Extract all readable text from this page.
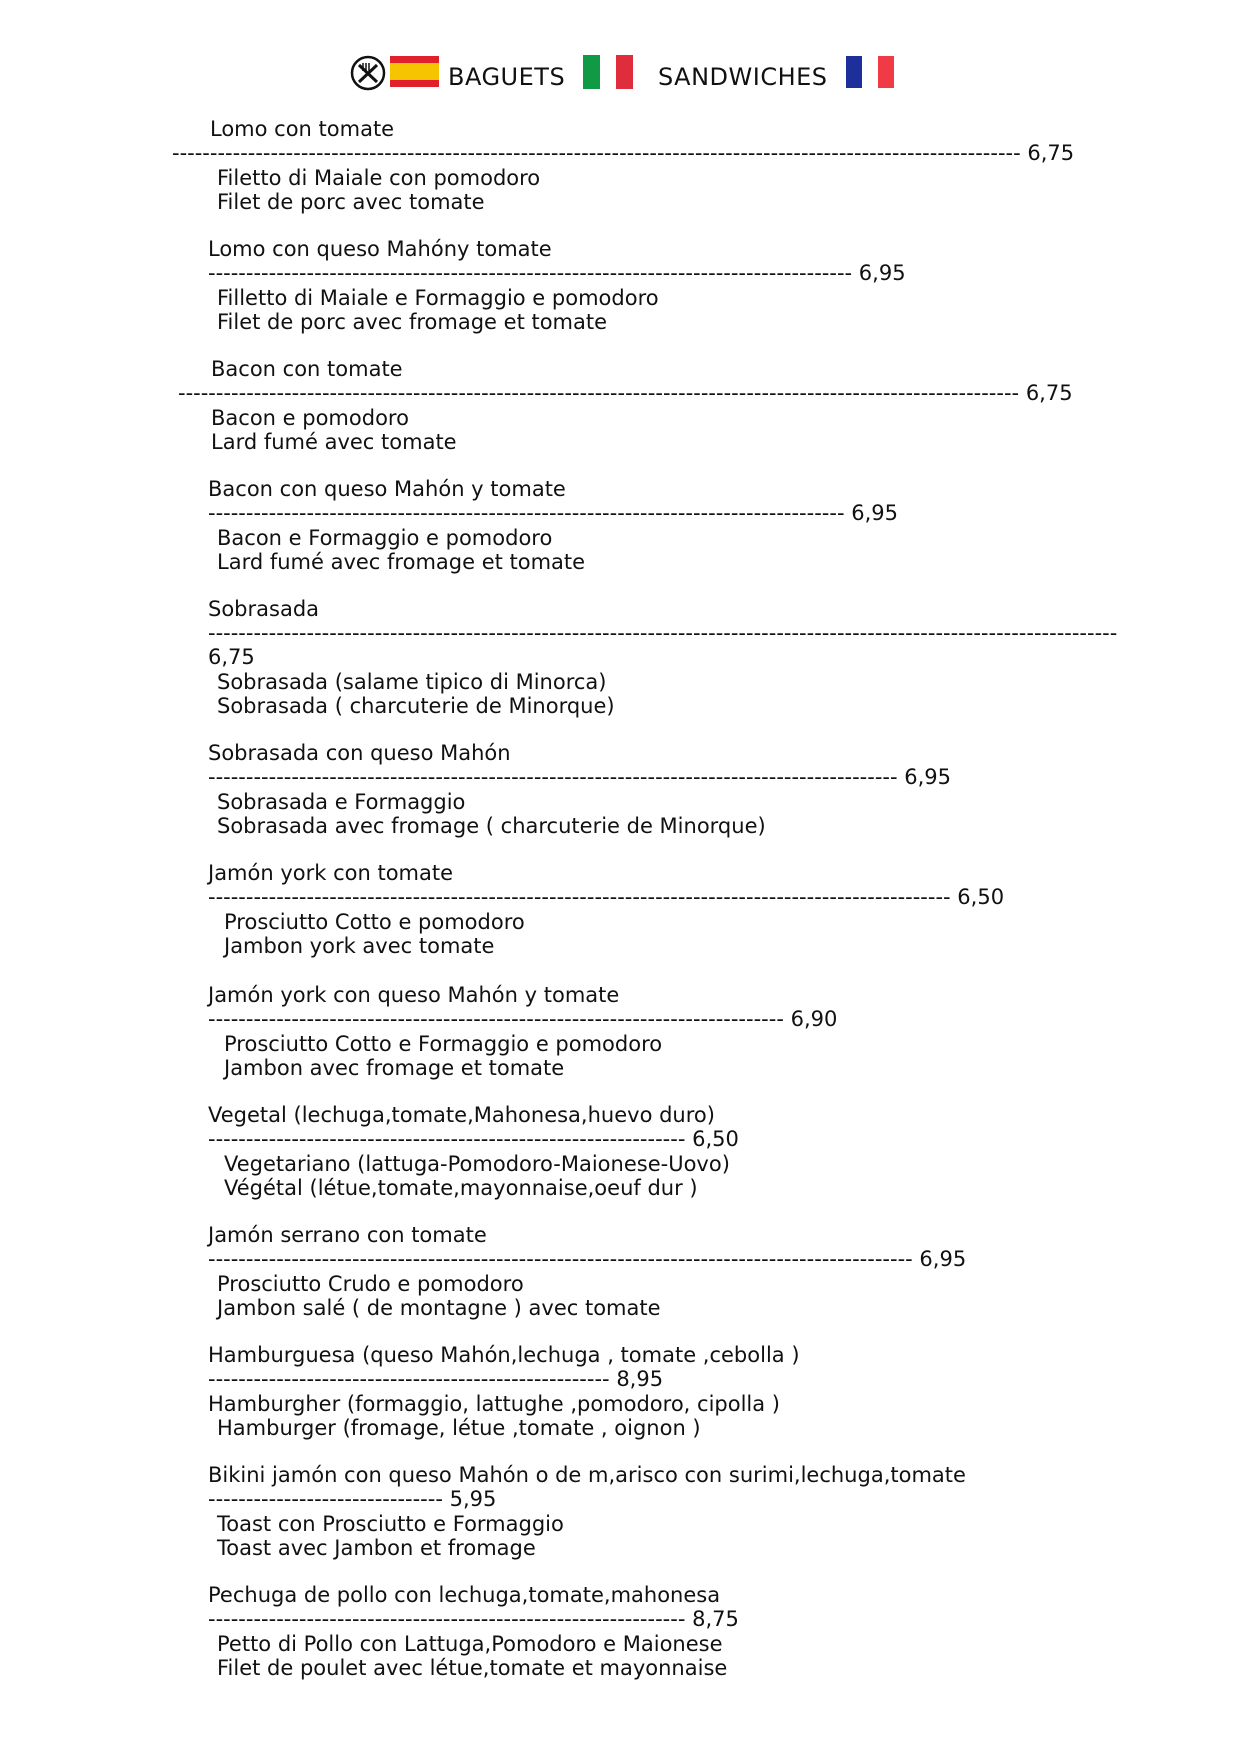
BAGUETS	SANDWICHES
Lomo con tomate
---------------------------------------------------------------------------------------------------------------- 6,75
Filetto di Maiale con pomodoro
Filet de porc avec tomate
Lomo con queso Mahóny tomate
------------------------------------------------------------------------------------- 6,95
Filletto di Maiale e Formaggio e pomodoro
Filet de porc avec fromage et tomate
Bacon con tomate
--------------------------------------------------------------------------------------------------------------- 6,75
Bacon e pomodoro
Lard fumé avec tomate
Bacon con queso Mahón y tomate
------------------------------------------------------------------------------------ 6,95
Bacon e Formaggio e pomodoro
Lard fumé avec fromage et tomate
Sobrasada
------------------------------------------------------------------------------------------------------------------------
6,75
Sobrasada (salame tipico di Minorca)
Sobrasada ( charcuterie de Minorque)
Sobrasada con queso Mahón
------------------------------------------------------------------------------------------- 6,95
Sobrasada e Formaggio
Sobrasada avec fromage ( charcuterie de Minorque)
Jamón york con tomate
-------------------------------------------------------------------------------------------------- 6,50
Prosciutto Cotto e pomodoro
Jambon york avec tomate
Jamón york con queso Mahón y tomate
---------------------------------------------------------------------------- 6,90
Prosciutto Cotto e Formaggio e pomodoro
Jambon avec fromage et tomate
Vegetal (lechuga,tomate,Mahonesa,huevo duro)
--------------------------------------------------------------- 6,50
Vegetariano (lattuga-Pomodoro-Maionese-Uovo)
Végétal (létue,tomate,mayonnaise,oeuf dur )
Jamón serrano con tomate
--------------------------------------------------------------------------------------------- 6,95
Prosciutto Crudo e pomodoro
Jambon salé ( de montagne ) avec tomate
Hamburguesa (queso Mahón,lechuga , tomate ,cebolla )
----------------------------------------------------- 8,95
Hamburgher (formaggio, lattughe ,pomodoro, cipolla )
Hamburger (fromage, létue ,tomate , oignon )
Bikini jamón con queso Mahón o de m,arisco con surimi,lechuga,tomate
------------------------------- 5,95
Toast con Prosciutto e Formaggio
Toast avec Jambon et fromage
Pechuga de pollo con lechuga,tomate,mahonesa
--------------------------------------------------------------- 8,75
Petto di Pollo con Lattuga,Pomodoro e Maionese
Filet de poulet avec létue,tomate et mayonnaise
